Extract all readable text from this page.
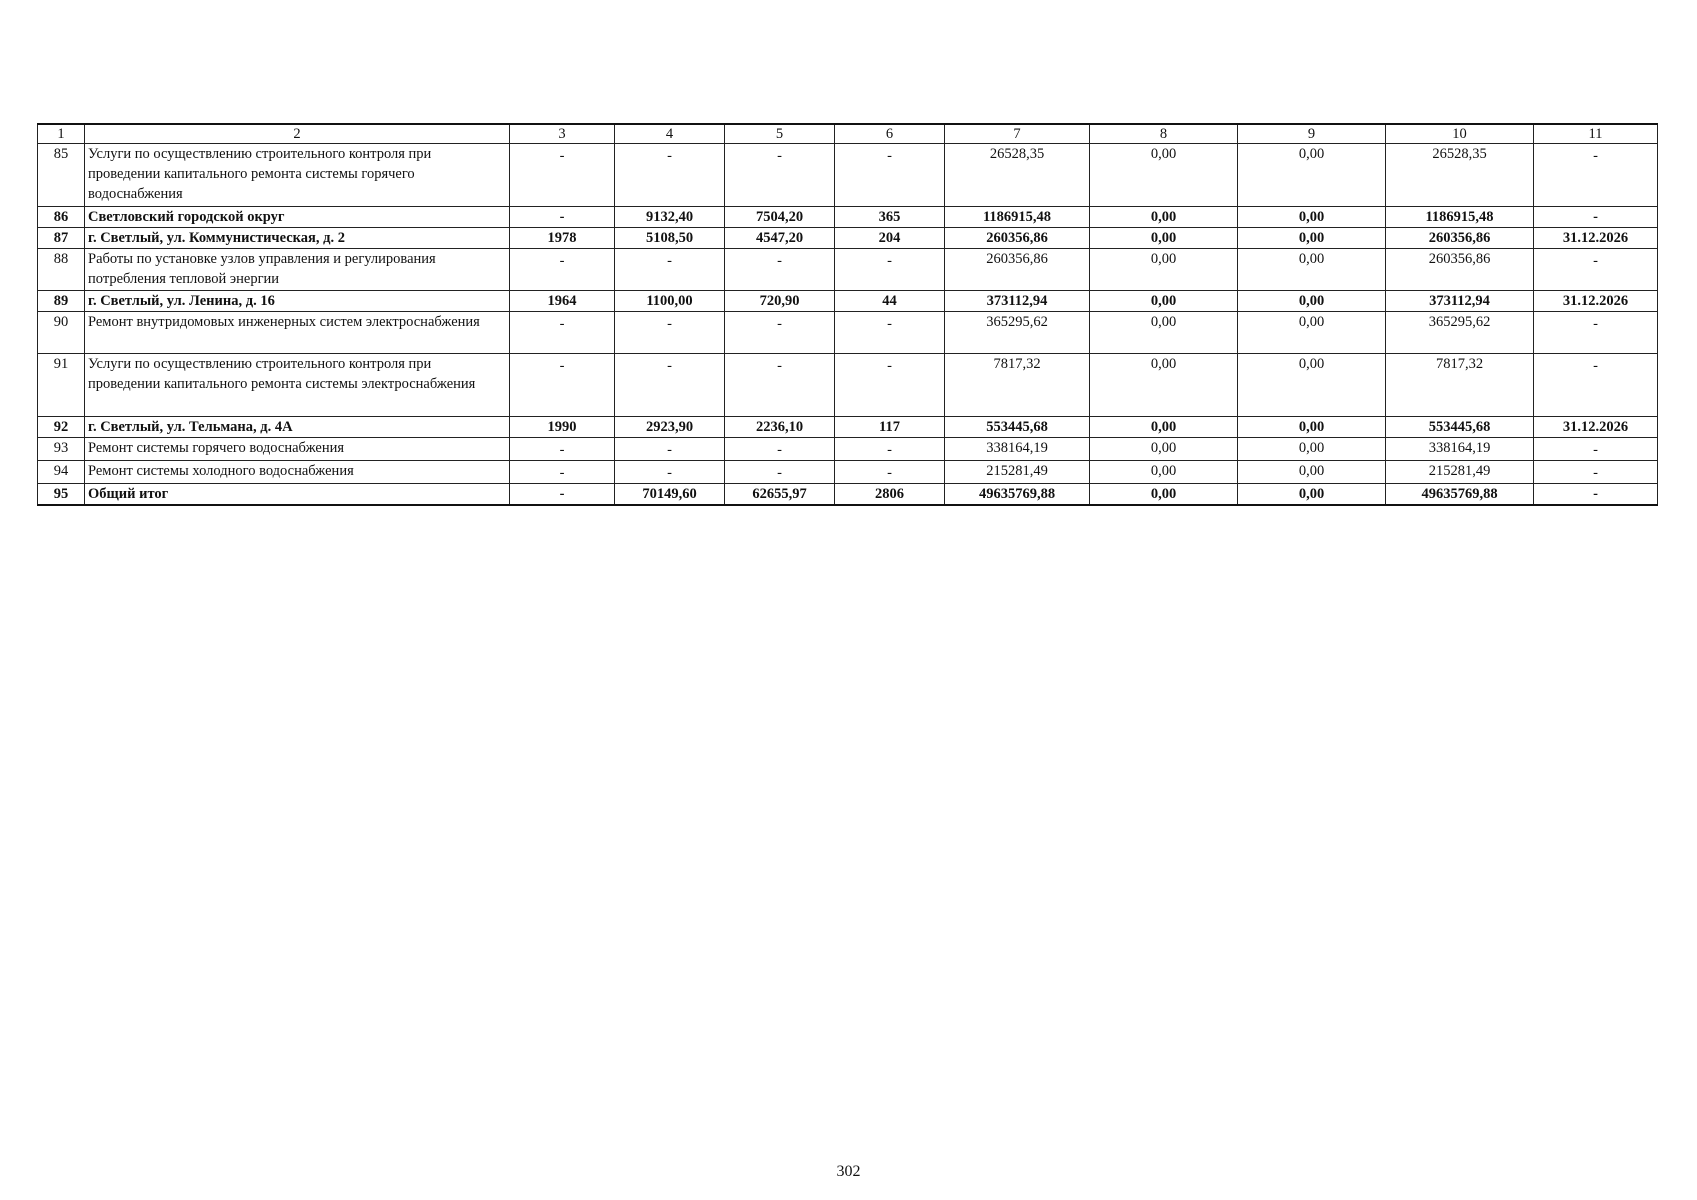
1	2	3	4	5	6	7	8	9	10	11
85	Услуги по осуществлению строительного контроля при проведении капитального ремонта системы горячего водоснабжения	-	-	-	-	26528,35	0,00	0,00	26528,35	-
86	Светловский городской округ	-	9132,40	7504,20	365	1186915,48	0,00	0,00	1186915,48	-
87	г. Светлый, ул. Коммунистическая, д. 2	1978	5108,50	4547,20	204	260356,86	0,00	0,00	260356,86	31.12.2026
88	Работы по установке узлов управления и регулирования потребления тепловой энергии	-	-	-	-	260356,86	0,00	0,00	260356,86	-
89	г. Светлый, ул. Ленина, д. 16	1964	1100,00	720,90	44	373112,94	0,00	0,00	373112,94	31.12.2026
90	Ремонт внутридомовых инженерных систем электроснабжения	-	-	-	-	365295,62	0,00	0,00	365295,62	-
91	Услуги по осуществлению строительного контроля при проведении капитального ремонта системы электроснабжения	-	-	-	-	7817,32	0,00	0,00	7817,32	-
92	г. Светлый, ул. Тельмана, д. 4А	1990	2923,90	2236,10	117	553445,68	0,00	0,00	553445,68	31.12.2026
93	Ремонт системы горячего водоснабжения	-	-	-	-	338164,19	0,00	0,00	338164,19	-
94	Ремонт системы холодного водоснабжения	-	-	-	-	215281,49	0,00	0,00	215281,49	-
95	Общий итог	-	70149,60	62655,97	2806	49635769,88	0,00	0,00	49635769,88	-
302
